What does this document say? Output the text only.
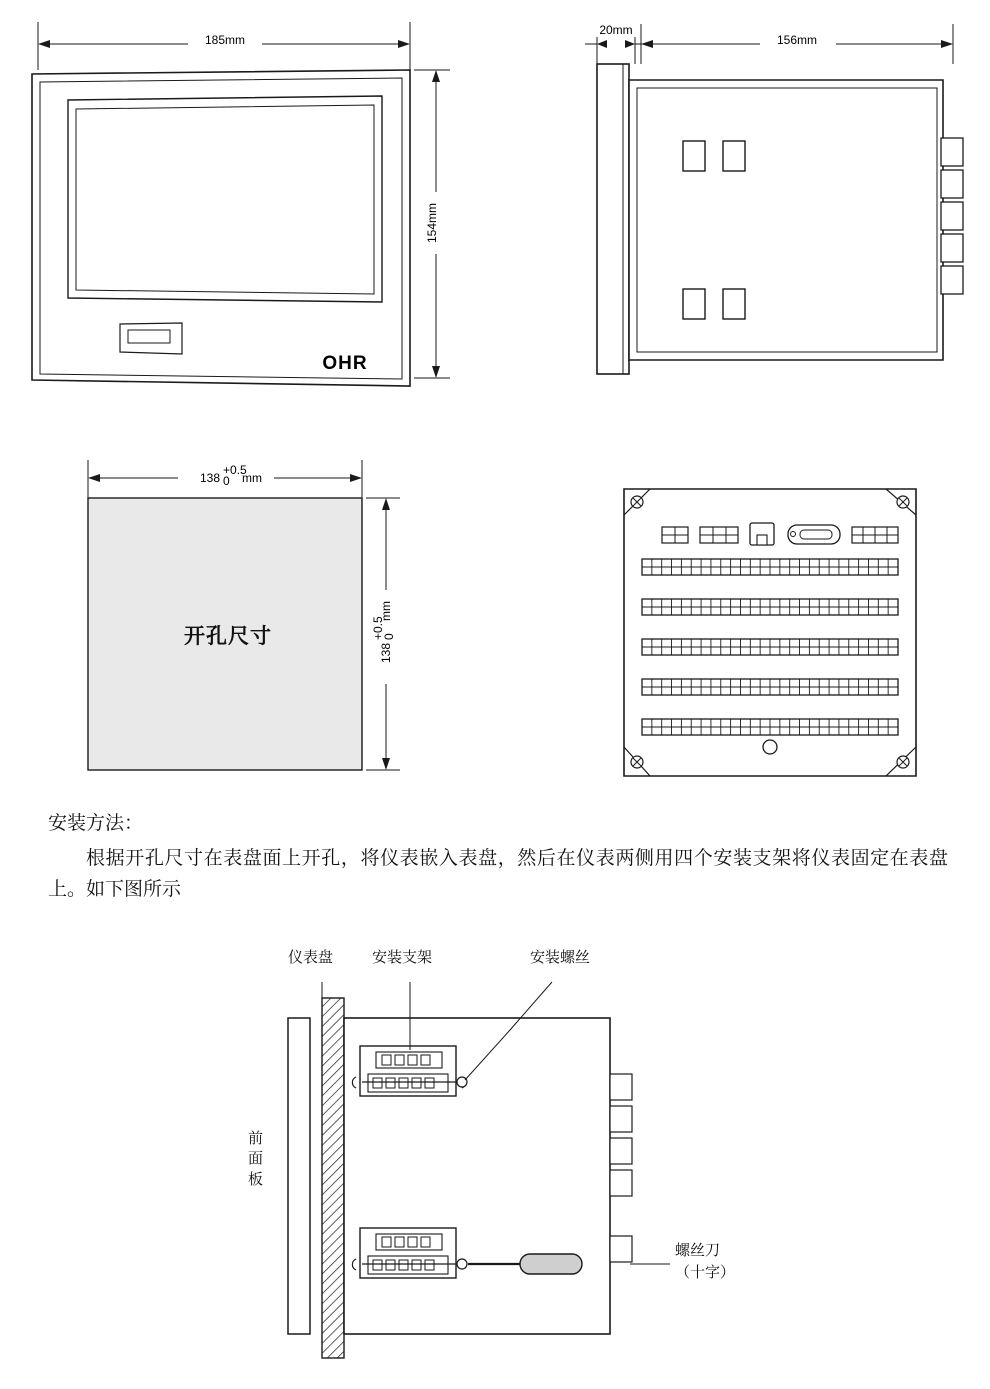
185mm
154mm
OHR
20mm
156mm
138
+0.5
0 mm
138
+0.5
0
mm
开孔尺寸
安装方法：
根据开孔尺寸在表盘面上开孔，将仪表嵌入表盘，然后在仪表两侧用四个安装支架将仪表固定在表盘上。如下图所示
仪表盘	安装支架	安装螺丝
前面板
螺丝刀
（十字）
